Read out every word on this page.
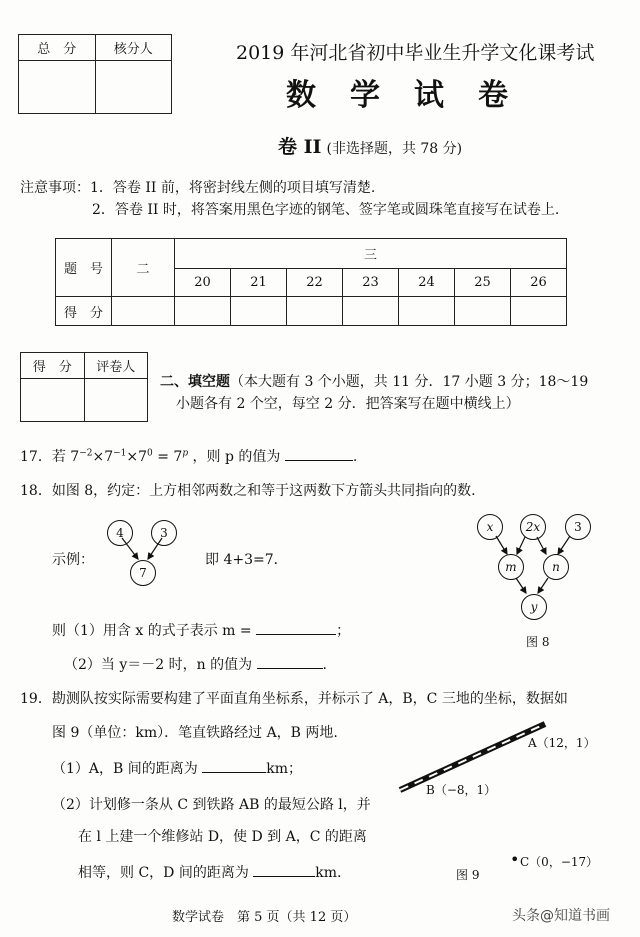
总　分	核分人
		2019 年河北省初中毕业生升学文化课考试
数　学　试　卷
卷 II (非选择题，共 78 分)
注意事项：1．答卷 II 前，将密封线左侧的项目填写清楚.
2．答卷 II 时，将答案用黑色字迹的钢笔、签字笔或圆珠笔直接写在试卷上.
题　号	二	三						
		20	21	22	23	24	25	26
得　分								
得　分	评卷人

二、填空题（本大题有 3 个小题，共 11 分．17 小题 3 分；18～19
小题各有 2 个空，每空 2 分．把答案写在题中横线上）
17．若 $7^{-2}\times 7^{-1}\times 7^0 = 7^p$ ，则 p 的值为	.
18．如图 8，约定：上方相邻两数之和等于这两数下方箭头共同指向的数.
示例：
4	3
7
即 4+3=7．
x	2x	3
m	n
y
图 8
则（1）用含 x 的式子表示 m =	；
（2）当 y＝－2 时，n 的值为	.
19．勘测队按实际需要构建了平面直角坐标系，并标示了 A，B，C 三地的坐标，数据如
图 9（单位：km）．笔直铁路经过 A，B 两地.
（1）A，B 间的距离为	km；
（2）计划修一条从 C 到铁路 AB 的最短公路 l，并
在 l 上建一个维修站 D，使 D 到 A，C 的距离
相等，则 C，D 间的距离为	km.
A（12，1）
B（−8，1）
• C（0，−17）
图 9
数学试卷　第 5 页（共 12 页）	头条@知道书画
